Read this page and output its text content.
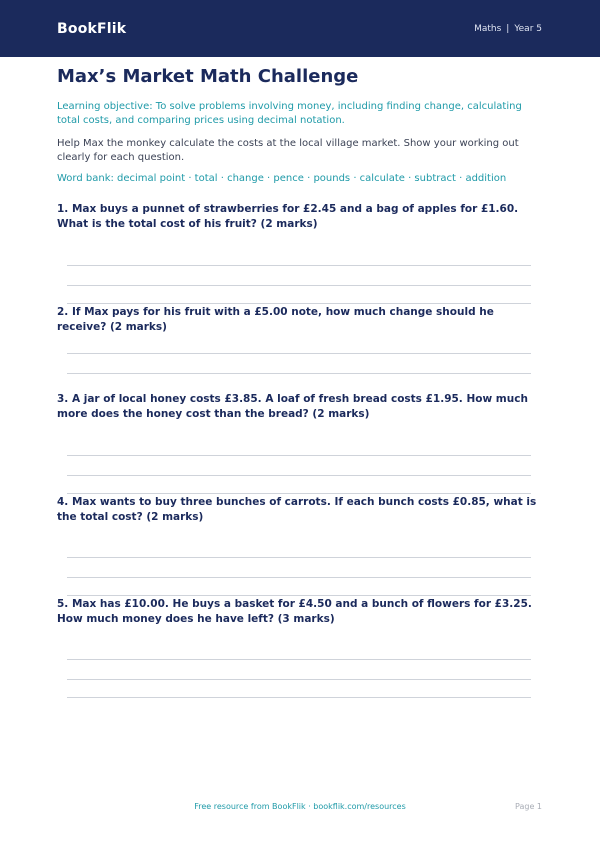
BookFlik	Maths | Year 5
Max’s Market Math Challenge

Learning objective: To solve problems involving money, including finding change, calculating total costs, and comparing prices using decimal notation.

Help Max the monkey calculate the costs at the local village market. Show your working out clearly for each question.

Word bank: decimal point · total · change · pence · pounds · calculate · subtract · addition

1. Max buys a punnet of strawberries for £2.45 and a bag of apples for £1.60. What is the total cost of his fruit? (2 marks)

2. If Max pays for his fruit with a £5.00 note, how much change should he receive? (2 marks)

3. A jar of local honey costs £3.85. A loaf of fresh bread costs £1.95. How much more does the honey cost than the bread? (2 marks)

4. Max wants to buy three bunches of carrots. If each bunch costs £0.85, what is the total cost? (2 marks)

5. Max has £10.00. He buys a basket for £4.50 and a bunch of flowers for £3.25. How much money does he have left? (3 marks)

Free resource from BookFlik · bookflik.com/resources	Page 1
